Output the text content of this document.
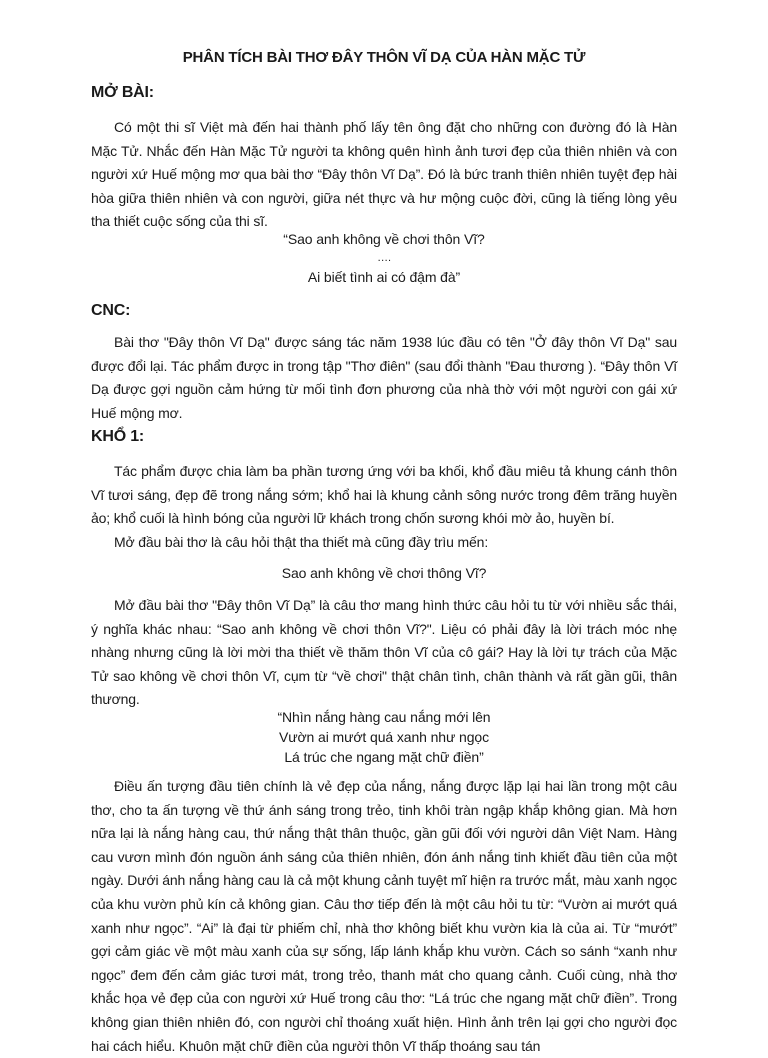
PHÂN TÍCH BÀI THƠ ĐÂY THÔN VĨ DẠ CỦA HÀN MẶC TỬ
MỞ BÀI:
Có một thi sĩ Việt mà đến hai thành phố lấy tên ông đặt cho những con đường đó là Hàn Mặc Tử. Nhắc đến Hàn Mặc Tử người ta không quên hình ảnh tươi đẹp của thiên nhiên và con người xứ Huế mộng mơ qua bài thơ “Đây thôn Vĩ Dạ”. Đó là bức tranh thiên nhiên tuyệt đẹp hài hòa giữa thiên nhiên và con người, giữa nét thực và hư mộng cuộc đời, cũng là tiếng lòng yêu tha thiết cuộc sống của thi sĩ.
“Sao anh không về chơi thôn Vĩ?
….
Ai biết tình ai có đậm đà”
CNC:
Bài thơ "Đây thôn Vĩ Dạ" được sáng tác năm 1938 lúc đầu có tên "Ở đây thôn Vĩ Dạ" sau được đổi lại. Tác phẩm được in trong tập "Thơ điên" (sau đổi thành "Đau thương ). “Đây thôn Vĩ Dạ được gợi nguồn cảm hứng từ mối tình đơn phương của nhà thờ với một người con gái xứ Huế mộng mơ.
KHỔ 1:
Tác phẩm được chia làm ba phần tương ứng với ba khối, khổ đầu miêu tả khung cánh thôn Vĩ tươi sáng, đẹp đẽ trong nắng sớm; khổ hai là khung cảnh sông nước trong đêm trăng huyền ảo; khổ cuối là hình bóng của người lữ khách trong chốn sương khói mờ ảo, huyền bí.
Mở đầu bài thơ là câu hỏi thật tha thiết mà cũng đầy trìu mến:
Sao anh không về chơi thông Vĩ?
Mở đầu bài thơ "Đây thôn Vĩ Dạ” là câu thơ mang hình thức câu hỏi tu từ với nhiều sắc thái, ý nghĩa khác nhau: “Sao anh không về chơi thôn Vĩ?". Liệu có phải đây là lời trách móc nhẹ nhàng nhưng cũng là lời mời tha thiết về thăm thôn Vĩ của cô gái? Hay là lời tự trách của Mặc Tử sao không về chơi thôn Vĩ, cụm từ “về chơi" thật chân tình, chân thành và rất gần gũi, thân thương.
“Nhìn nắng hàng cau nắng mới lên
Vườn ai mướt quá xanh như ngọc
Lá trúc che ngang mặt chữ điền”
Điều ấn tượng đầu tiên chính là vẻ đẹp của nắng, nắng được lặp lại hai lần trong một câu thơ, cho ta ấn tượng về thứ ánh sáng trong trẻo, tinh khôi tràn ngập khắp không gian. Mà hơn nữa lại là nắng hàng cau, thứ nắng thật thân thuộc, gần gũi đối với người dân Việt Nam. Hàng cau vươn mình đón nguồn ánh sáng của thiên nhiên, đón ánh nắng tinh khiết đầu tiên của một ngày. Dưới ánh nắng hàng cau là cả một khung cảnh tuyệt mĩ hiện ra trước mắt, màu xanh ngọc của khu vườn phủ kín cả không gian. Câu thơ tiếp đến là một câu hỏi tu từ: “Vườn ai mướt quá xanh như ngọc”. “Ai” là đại từ phiếm chỉ, nhà thơ không biết khu vườn kia là của ai. Từ “mướt” gợi cảm giác về một màu xanh của sự sống, lấp lánh khắp khu vườn. Cách so sánh “xanh như ngọc” đem đến cảm giác tươi mát, trong trẻo, thanh mát cho quang cảnh. Cuối cùng, nhà thơ khắc họa vẻ đẹp của con người xứ Huế trong câu thơ: “Lá trúc che ngang mặt chữ điền”. Trong không gian thiên nhiên đó, con người chỉ thoáng xuất hiện. Hình ảnh trên lại gợi cho người đọc hai cách hiểu. Khuôn mặt chữ điền của người thôn Vĩ thấp thoáng sau tán
